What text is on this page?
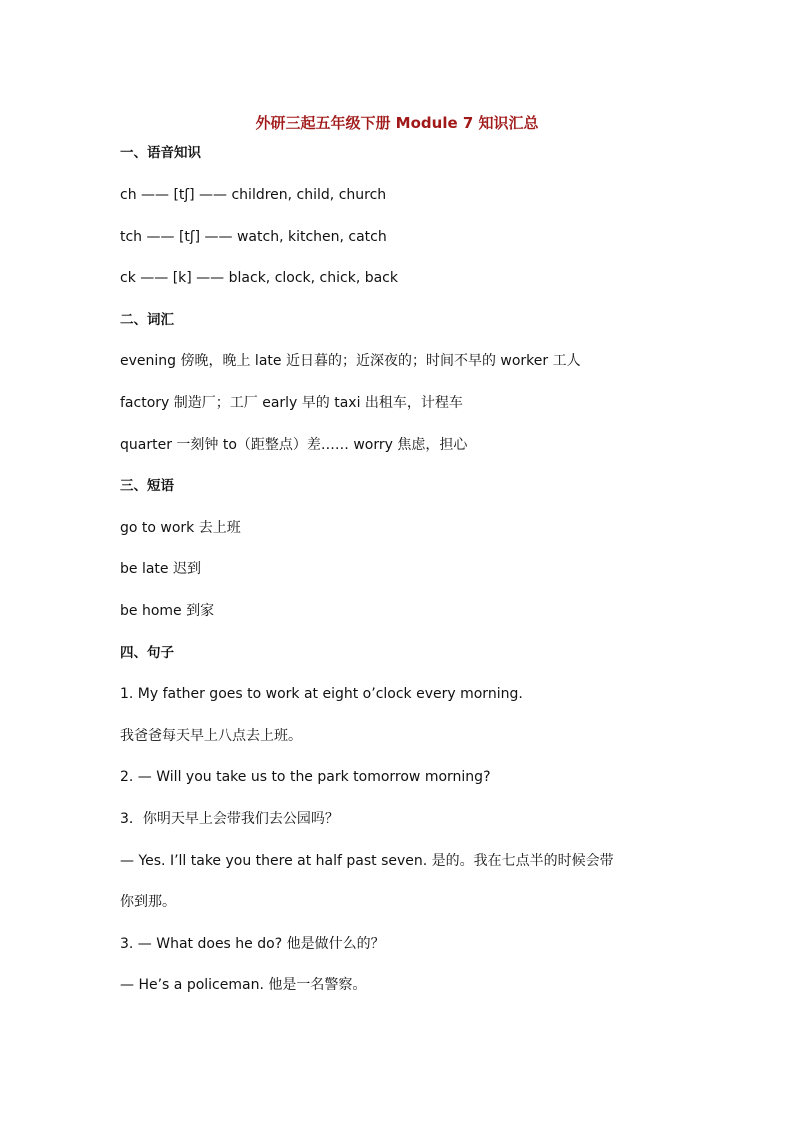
外研三起五年级下册 Module 7 知识汇总
一、语音知识
ch —— [tʃ] —— children, child, church
tch —— [tʃ] —— watch, kitchen, catch
ck —— [k] —— black, clock, chick, back
二、词汇
evening 傍晚，晚上 late 近日暮的；近深夜的；时间不早的 worker 工人
factory 制造厂；工厂 early 早的 taxi 出租车，计程车
quarter 一刻钟 to（距整点）差…… worry 焦虑，担心
三、短语
go to work 去上班
be late 迟到
be home 到家
四、句子
1. My father goes to work at eight o’clock every morning.
我爸爸每天早上八点去上班。
2. — Will you take us to the park tomorrow morning?
3．你明天早上会带我们去公园吗？
— Yes. I’ll take you there at half past seven. 是的。我在七点半的时候会带
你到那。
3. — What does he do? 他是做什么的？
— He’s a policeman. 他是一名警察。
